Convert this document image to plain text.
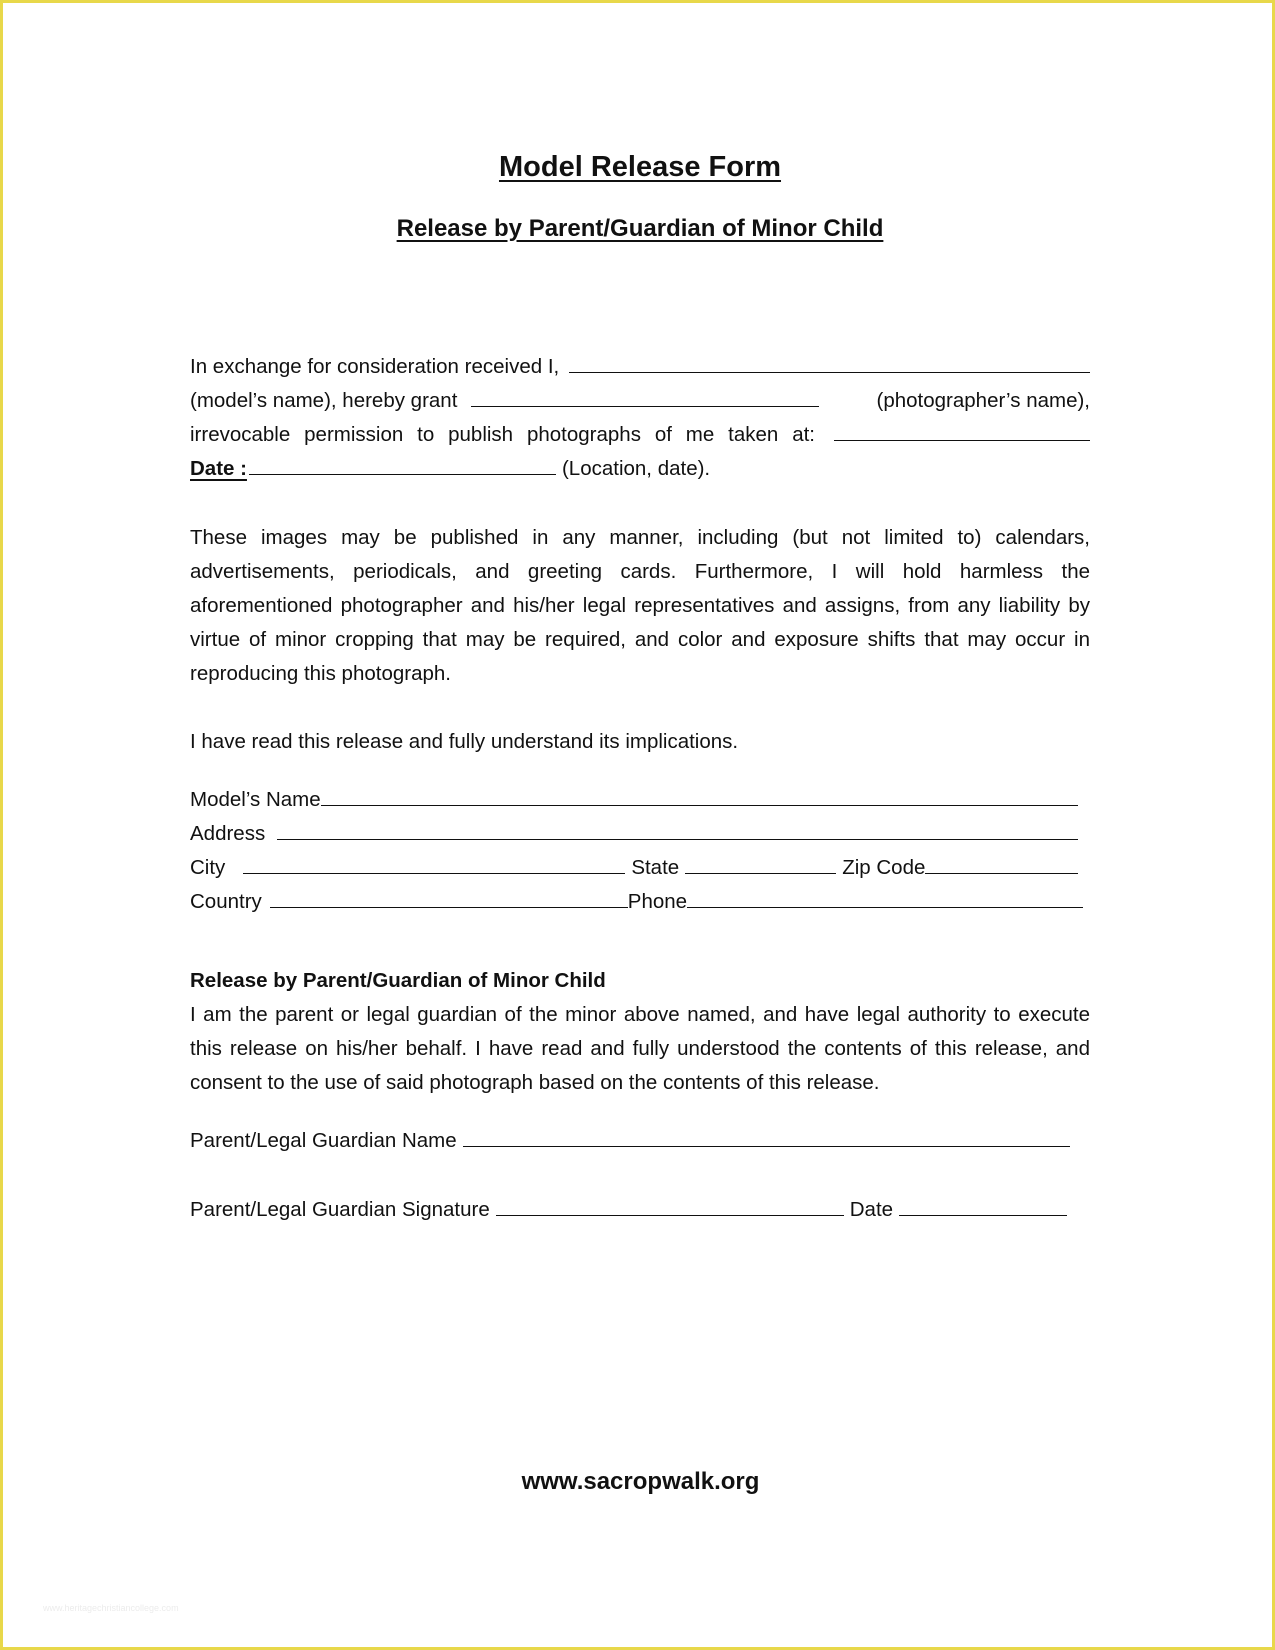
Model Release Form
Release by Parent/Guardian of Minor Child
In exchange for consideration received I,
(model’s name), hereby grant	(photographer’s name),
irrevocable permission to publish photographs of me taken at:
Date :	(Location, date).
These images may be published in any manner, including (but not limited to) calendars,
advertisements, periodicals, and greeting cards. Furthermore, I will hold harmless the
aforementioned photographer and his/her legal representatives and assigns, from any liability by
virtue of minor cropping that may be required, and color and exposure shifts that may occur in
reproducing this photograph.
I have read this release and fully understand its implications.
Model’s Name
Address
City	State	Zip Code
Country	Phone
Release by Parent/Guardian of Minor Child
I am the parent or legal guardian of the minor above named, and have legal authority to execute
this release on his/her behalf. I have read and fully understood the contents of this release, and
consent to the use of said photograph based on the contents of this release.
Parent/Legal Guardian Name
Parent/Legal Guardian Signature	Date
www.sacropwalk.org
www.heritagechristiancollege.com
